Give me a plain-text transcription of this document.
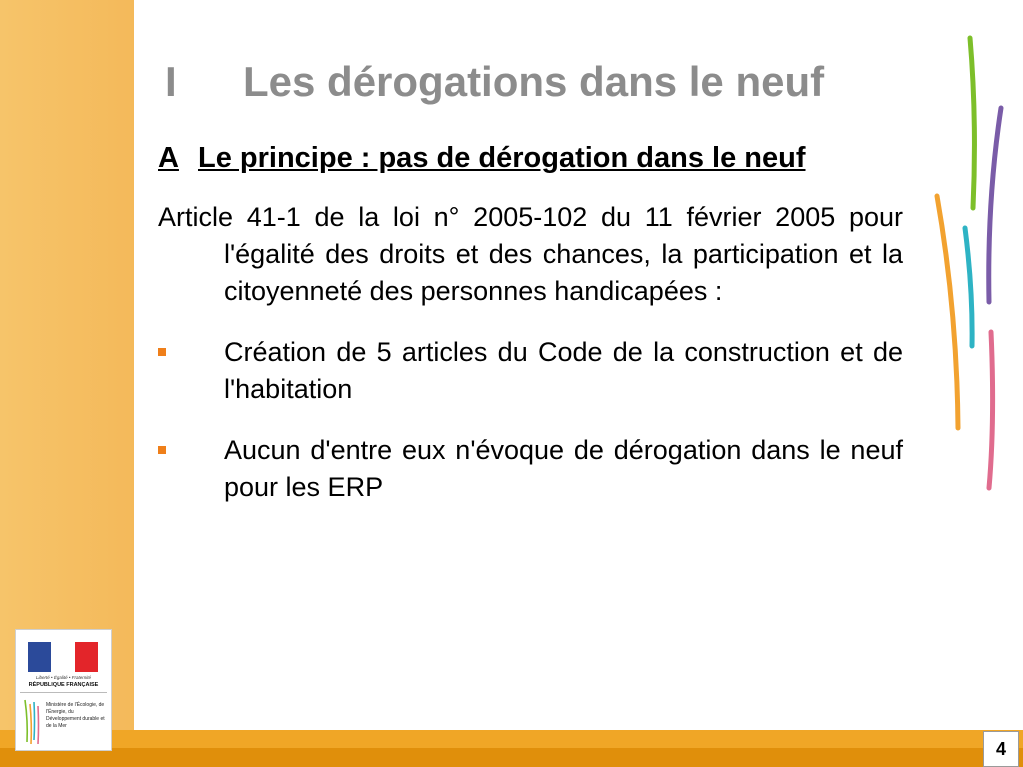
I Les dérogations dans le neuf

A Le principe : pas de dérogation dans le neuf

Article 41-1 de la loi n° 2005-102 du 11 février 2005 pour l'égalité des droits et des chances, la participation et la citoyenneté des personnes handicapées :

Création de 5 articles du Code de la construction et de l'habitation
Aucun d'entre eux n'évoque de dérogation dans le neuf pour les ERP
Liberté • Égalité • Fraternité
RÉPUBLIQUE FRANÇAISE
Ministère de l'Écologie, de l'Énergie, du Développement durable et de la Mer
4
